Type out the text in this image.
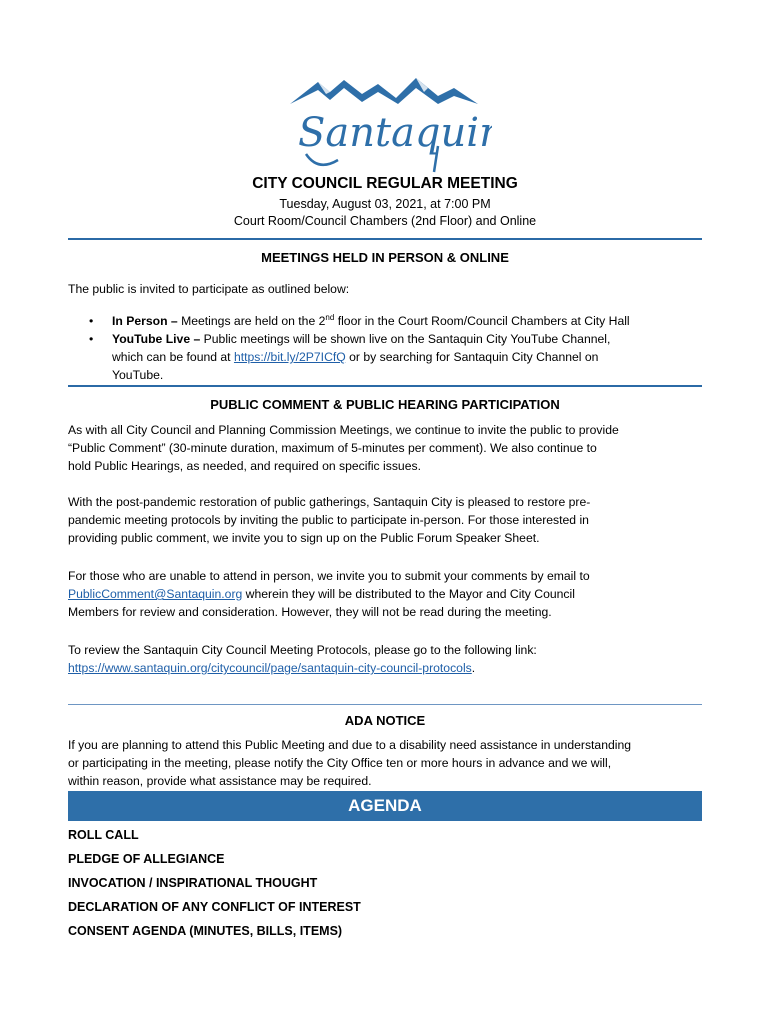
Santaquin
CITY COUNCIL REGULAR MEETING
Tuesday, August 03, 2021, at 7:00 PM
Court Room/Council Chambers (2nd Floor) and Online
MEETINGS HELD IN PERSON & ONLINE
The public is invited to participate as outlined below:
• In Person – Meetings are held on the 2nd floor in the Court Room/Council Chambers at City Hall
• YouTube Live – Public meetings will be shown live on the Santaquin City YouTube Channel,
which can be found at https://bit.ly/2P7ICfQ or by searching for Santaquin City Channel on
YouTube.
PUBLIC COMMENT & PUBLIC HEARING PARTICIPATION

As with all City Council and Planning Commission Meetings, we continue to invite the public to provide

“Public Comment” (30-minute duration, maximum of 5-minutes per comment). We also continue to

hold Public Hearings, as needed, and required on specific issues.

With the post-pandemic restoration of public gatherings, Santaquin City is pleased to restore pre-

pandemic meeting protocols by inviting the public to participate in-person. For those interested in

providing public comment, we invite you to sign up on the Public Forum Speaker Sheet.

For those who are unable to attend in person, we invite you to submit your comments by email to

PublicComment@Santaquin.org wherein they will be distributed to the Mayor and City Council

Members for review and consideration. However, they will not be read during the meeting.

To review the Santaquin City Council Meeting Protocols, please go to the following link:

https://www.santaquin.org/citycouncil/page/santaquin-city-council-protocols.

ADA NOTICE

If you are planning to attend this Public Meeting and due to a disability need assistance in understanding

or participating in the meeting, please notify the City Office ten or more hours in advance and we will,

within reason, provide what assistance may be required.

AGENDA
ROLL CALL
PLEDGE OF ALLEGIANCE
INVOCATION / INSPIRATIONAL THOUGHT
DECLARATION OF ANY CONFLICT OF INTEREST
CONSENT AGENDA (MINUTES, BILLS, ITEMS)
